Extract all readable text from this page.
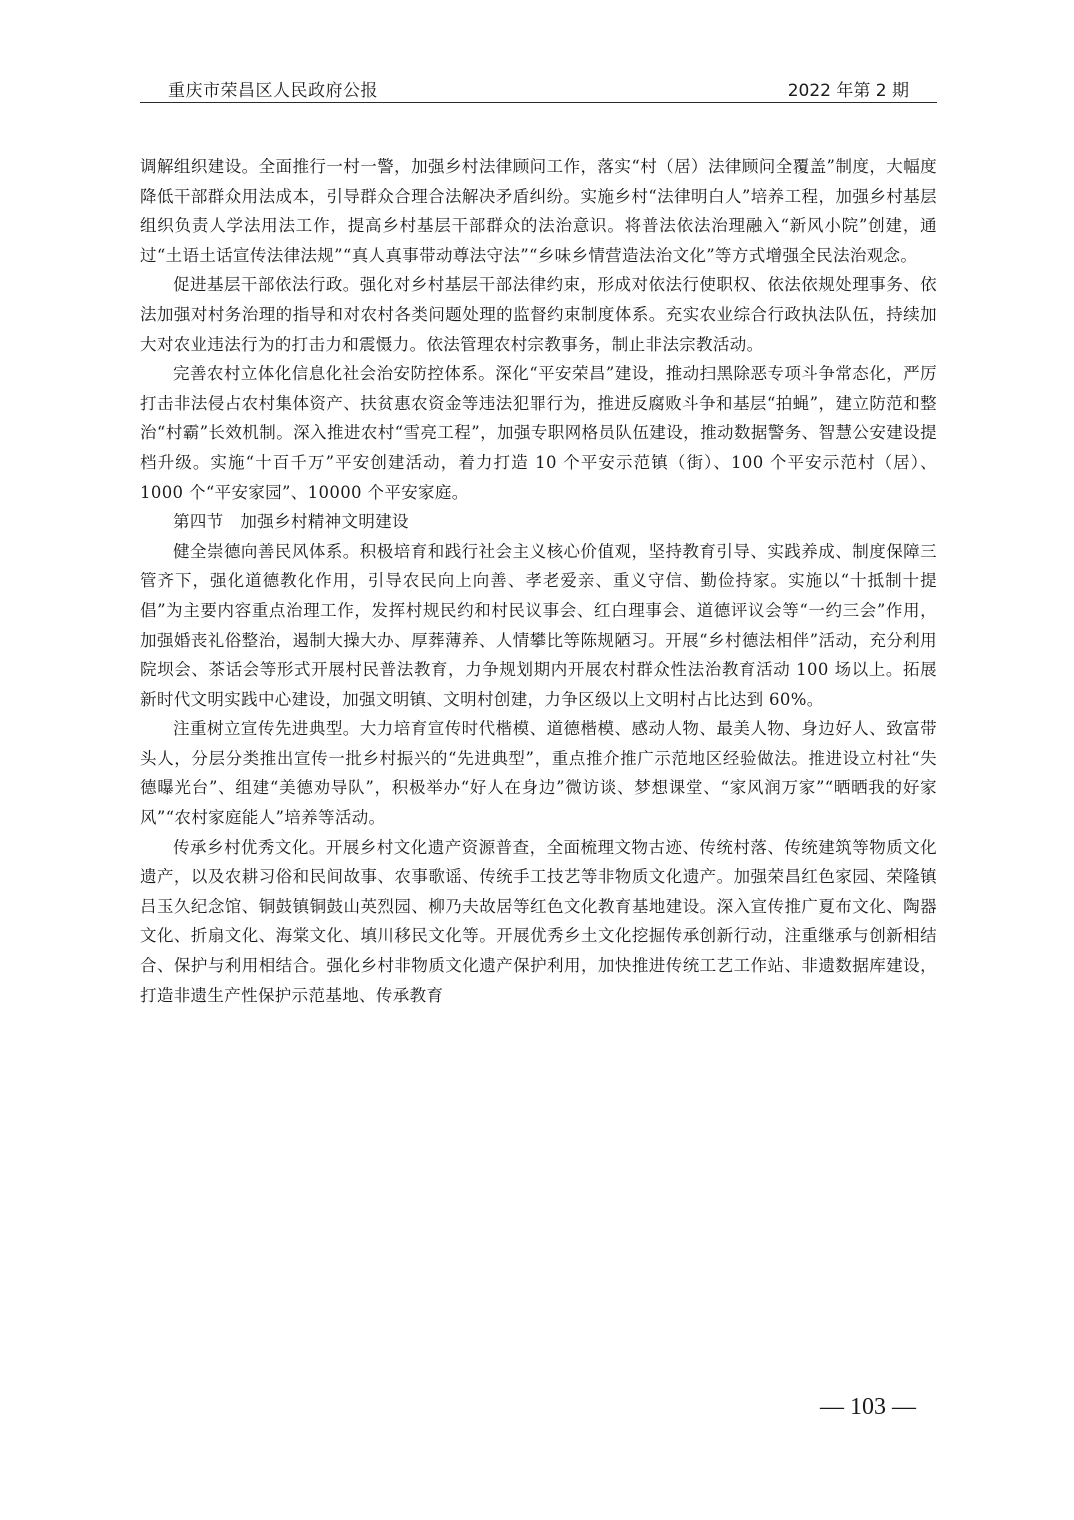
重庆市荣昌区人民政府公报	2022 年第 2 期

调解组织建设。全面推行一村一警，加强乡村法律顾问工作，落实“村（居）法律顾问全覆盖”制度，大幅度降低干部群众用法成本，引导群众合理合法解决矛盾纠纷。实施乡村“法律明白人”培养工程，加强乡村基层组织负责人学法用法工作，提高乡村基层干部群众的法治意识。将普法依法治理融入“新风小院”创建，通过“土语土话宣传法律法规”“真人真事带动尊法守法”“乡味乡情营造法治文化”等方式增强全民法治观念。

促进基层干部依法行政。强化对乡村基层干部法律约束，形成对依法行使职权、依法依规处理事务、依法加强对村务治理的指导和对农村各类问题处理的监督约束制度体系。充实农业综合行政执法队伍，持续加大对农业违法行为的打击力和震慑力。依法管理农村宗教事务，制止非法宗教活动。

完善农村立体化信息化社会治安防控体系。深化“平安荣昌”建设，推动扫黑除恶专项斗争常态化，严厉打击非法侵占农村集体资产、扶贫惠农资金等违法犯罪行为，推进反腐败斗争和基层“拍蝇”，建立防范和整治“村霸”长效机制。深入推进农村“雪亮工程”，加强专职网格员队伍建设，推动数据警务、智慧公安建设提档升级。实施“十百千万”平安创建活动，着力打造 10 个平安示范镇（街）、100 个平安示范村（居）、1000 个“平安家园”、10000 个平安家庭。

第四节　加强乡村精神文明建设

健全崇德向善民风体系。积极培育和践行社会主义核心价值观，坚持教育引导、实践养成、制度保障三管齐下，强化道德教化作用，引导农民向上向善、孝老爱亲、重义守信、勤俭持家。实施以“十抵制十提倡”为主要内容重点治理工作，发挥村规民约和村民议事会、红白理事会、道德评议会等“一约三会”作用，加强婚丧礼俗整治，遏制大操大办、厚葬薄养、人情攀比等陈规陋习。开展“乡村德法相伴”活动，充分利用院坝会、茶话会等形式开展村民普法教育，力争规划期内开展农村群众性法治教育活动 100 场以上。拓展新时代文明实践中心建设，加强文明镇、文明村创建，力争区级以上文明村占比达到 60%。

注重树立宣传先进典型。大力培育宣传时代楷模、道德楷模、感动人物、最美人物、身边好人、致富带头人，分层分类推出宣传一批乡村振兴的“先进典型”，重点推介推广示范地区经验做法。推进设立村社“失德曝光台”、组建“美德劝导队”，积极举办“好人在身边”微访谈、梦想课堂、“家风润万家”“晒晒我的好家风”“农村家庭能人”培养等活动。

传承乡村优秀文化。开展乡村文化遗产资源普查，全面梳理文物古迹、传统村落、传统建筑等物质文化遗产，以及农耕习俗和民间故事、农事歌谣、传统手工技艺等非物质文化遗产。加强荣昌红色家园、荣隆镇吕玉久纪念馆、铜鼓镇铜鼓山英烈园、柳乃夫故居等红色文化教育基地建设。深入宣传推广夏布文化、陶器文化、折扇文化、海棠文化、填川移民文化等。开展优秀乡土文化挖掘传承创新行动，注重继承与创新相结合、保护与利用相结合。强化乡村非物质文化遗产保护利用，加快推进传统工艺工作站、非遗数据库建设，打造非遗生产性保护示范基地、传承教育

— 103 —
